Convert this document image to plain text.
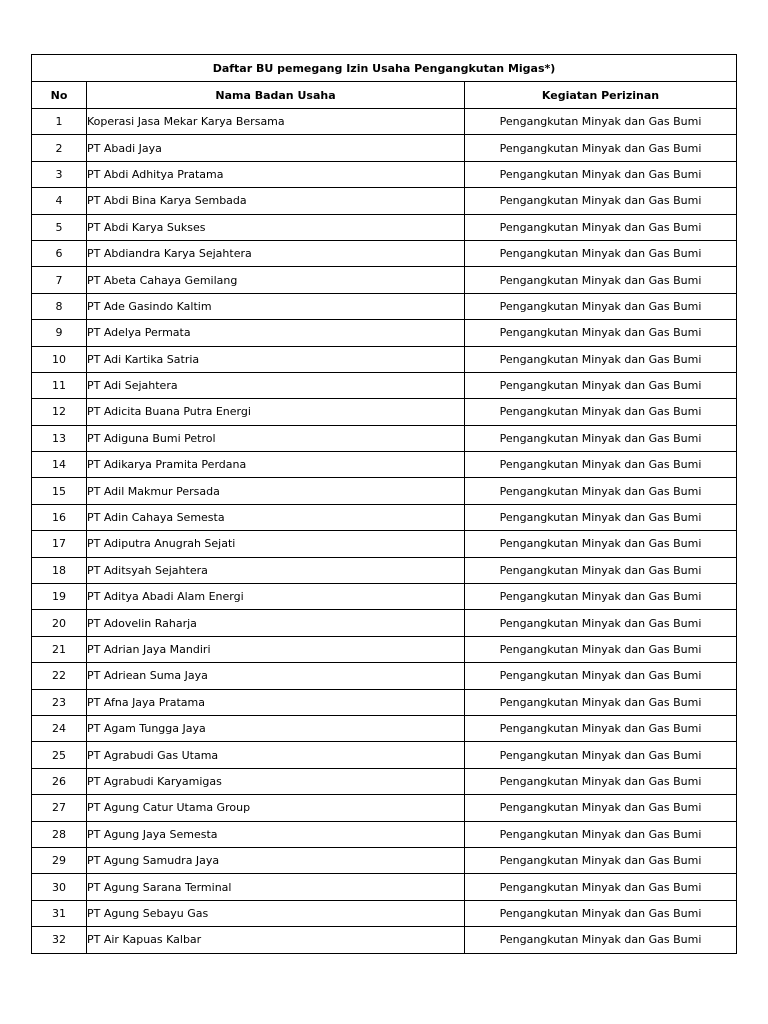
Daftar BU pemegang Izin Usaha Pengangkutan Migas*)		
No	Nama Badan Usaha	Kegiatan Perizinan
1	Koperasi Jasa Mekar Karya Bersama	Pengangkutan Minyak dan Gas Bumi
2	PT Abadi Jaya	Pengangkutan Minyak dan Gas Bumi
3	PT Abdi Adhitya Pratama	Pengangkutan Minyak dan Gas Bumi
4	PT Abdi Bina Karya Sembada	Pengangkutan Minyak dan Gas Bumi
5	PT Abdi Karya Sukses	Pengangkutan Minyak dan Gas Bumi
6	PT Abdiandra Karya Sejahtera	Pengangkutan Minyak dan Gas Bumi
7	PT Abeta Cahaya Gemilang	Pengangkutan Minyak dan Gas Bumi
8	PT Ade Gasindo Kaltim	Pengangkutan Minyak dan Gas Bumi
9	PT Adelya Permata	Pengangkutan Minyak dan Gas Bumi
10	PT Adi Kartika Satria	Pengangkutan Minyak dan Gas Bumi
11	PT Adi Sejahtera	Pengangkutan Minyak dan Gas Bumi
12	PT Adicita Buana Putra Energi	Pengangkutan Minyak dan Gas Bumi
13	PT Adiguna Bumi Petrol	Pengangkutan Minyak dan Gas Bumi
14	PT Adikarya Pramita Perdana	Pengangkutan Minyak dan Gas Bumi
15	PT Adil Makmur Persada	Pengangkutan Minyak dan Gas Bumi
16	PT Adin Cahaya Semesta	Pengangkutan Minyak dan Gas Bumi
17	PT Adiputra Anugrah Sejati	Pengangkutan Minyak dan Gas Bumi
18	PT Aditsyah Sejahtera	Pengangkutan Minyak dan Gas Bumi
19	PT Aditya Abadi Alam Energi	Pengangkutan Minyak dan Gas Bumi
20	PT Adovelin Raharja	Pengangkutan Minyak dan Gas Bumi
21	PT Adrian Jaya Mandiri	Pengangkutan Minyak dan Gas Bumi
22	PT Adriean Suma Jaya	Pengangkutan Minyak dan Gas Bumi
23	PT Afna Jaya Pratama	Pengangkutan Minyak dan Gas Bumi
24	PT Agam Tungga Jaya	Pengangkutan Minyak dan Gas Bumi
25	PT Agrabudi Gas Utama	Pengangkutan Minyak dan Gas Bumi
26	PT Agrabudi Karyamigas	Pengangkutan Minyak dan Gas Bumi
27	PT Agung Catur Utama Group	Pengangkutan Minyak dan Gas Bumi
28	PT Agung Jaya Semesta	Pengangkutan Minyak dan Gas Bumi
29	PT Agung Samudra Jaya	Pengangkutan Minyak dan Gas Bumi
30	PT Agung Sarana Terminal	Pengangkutan Minyak dan Gas Bumi
31	PT Agung Sebayu Gas	Pengangkutan Minyak dan Gas Bumi
32	PT Air Kapuas Kalbar	Pengangkutan Minyak dan Gas Bumi
